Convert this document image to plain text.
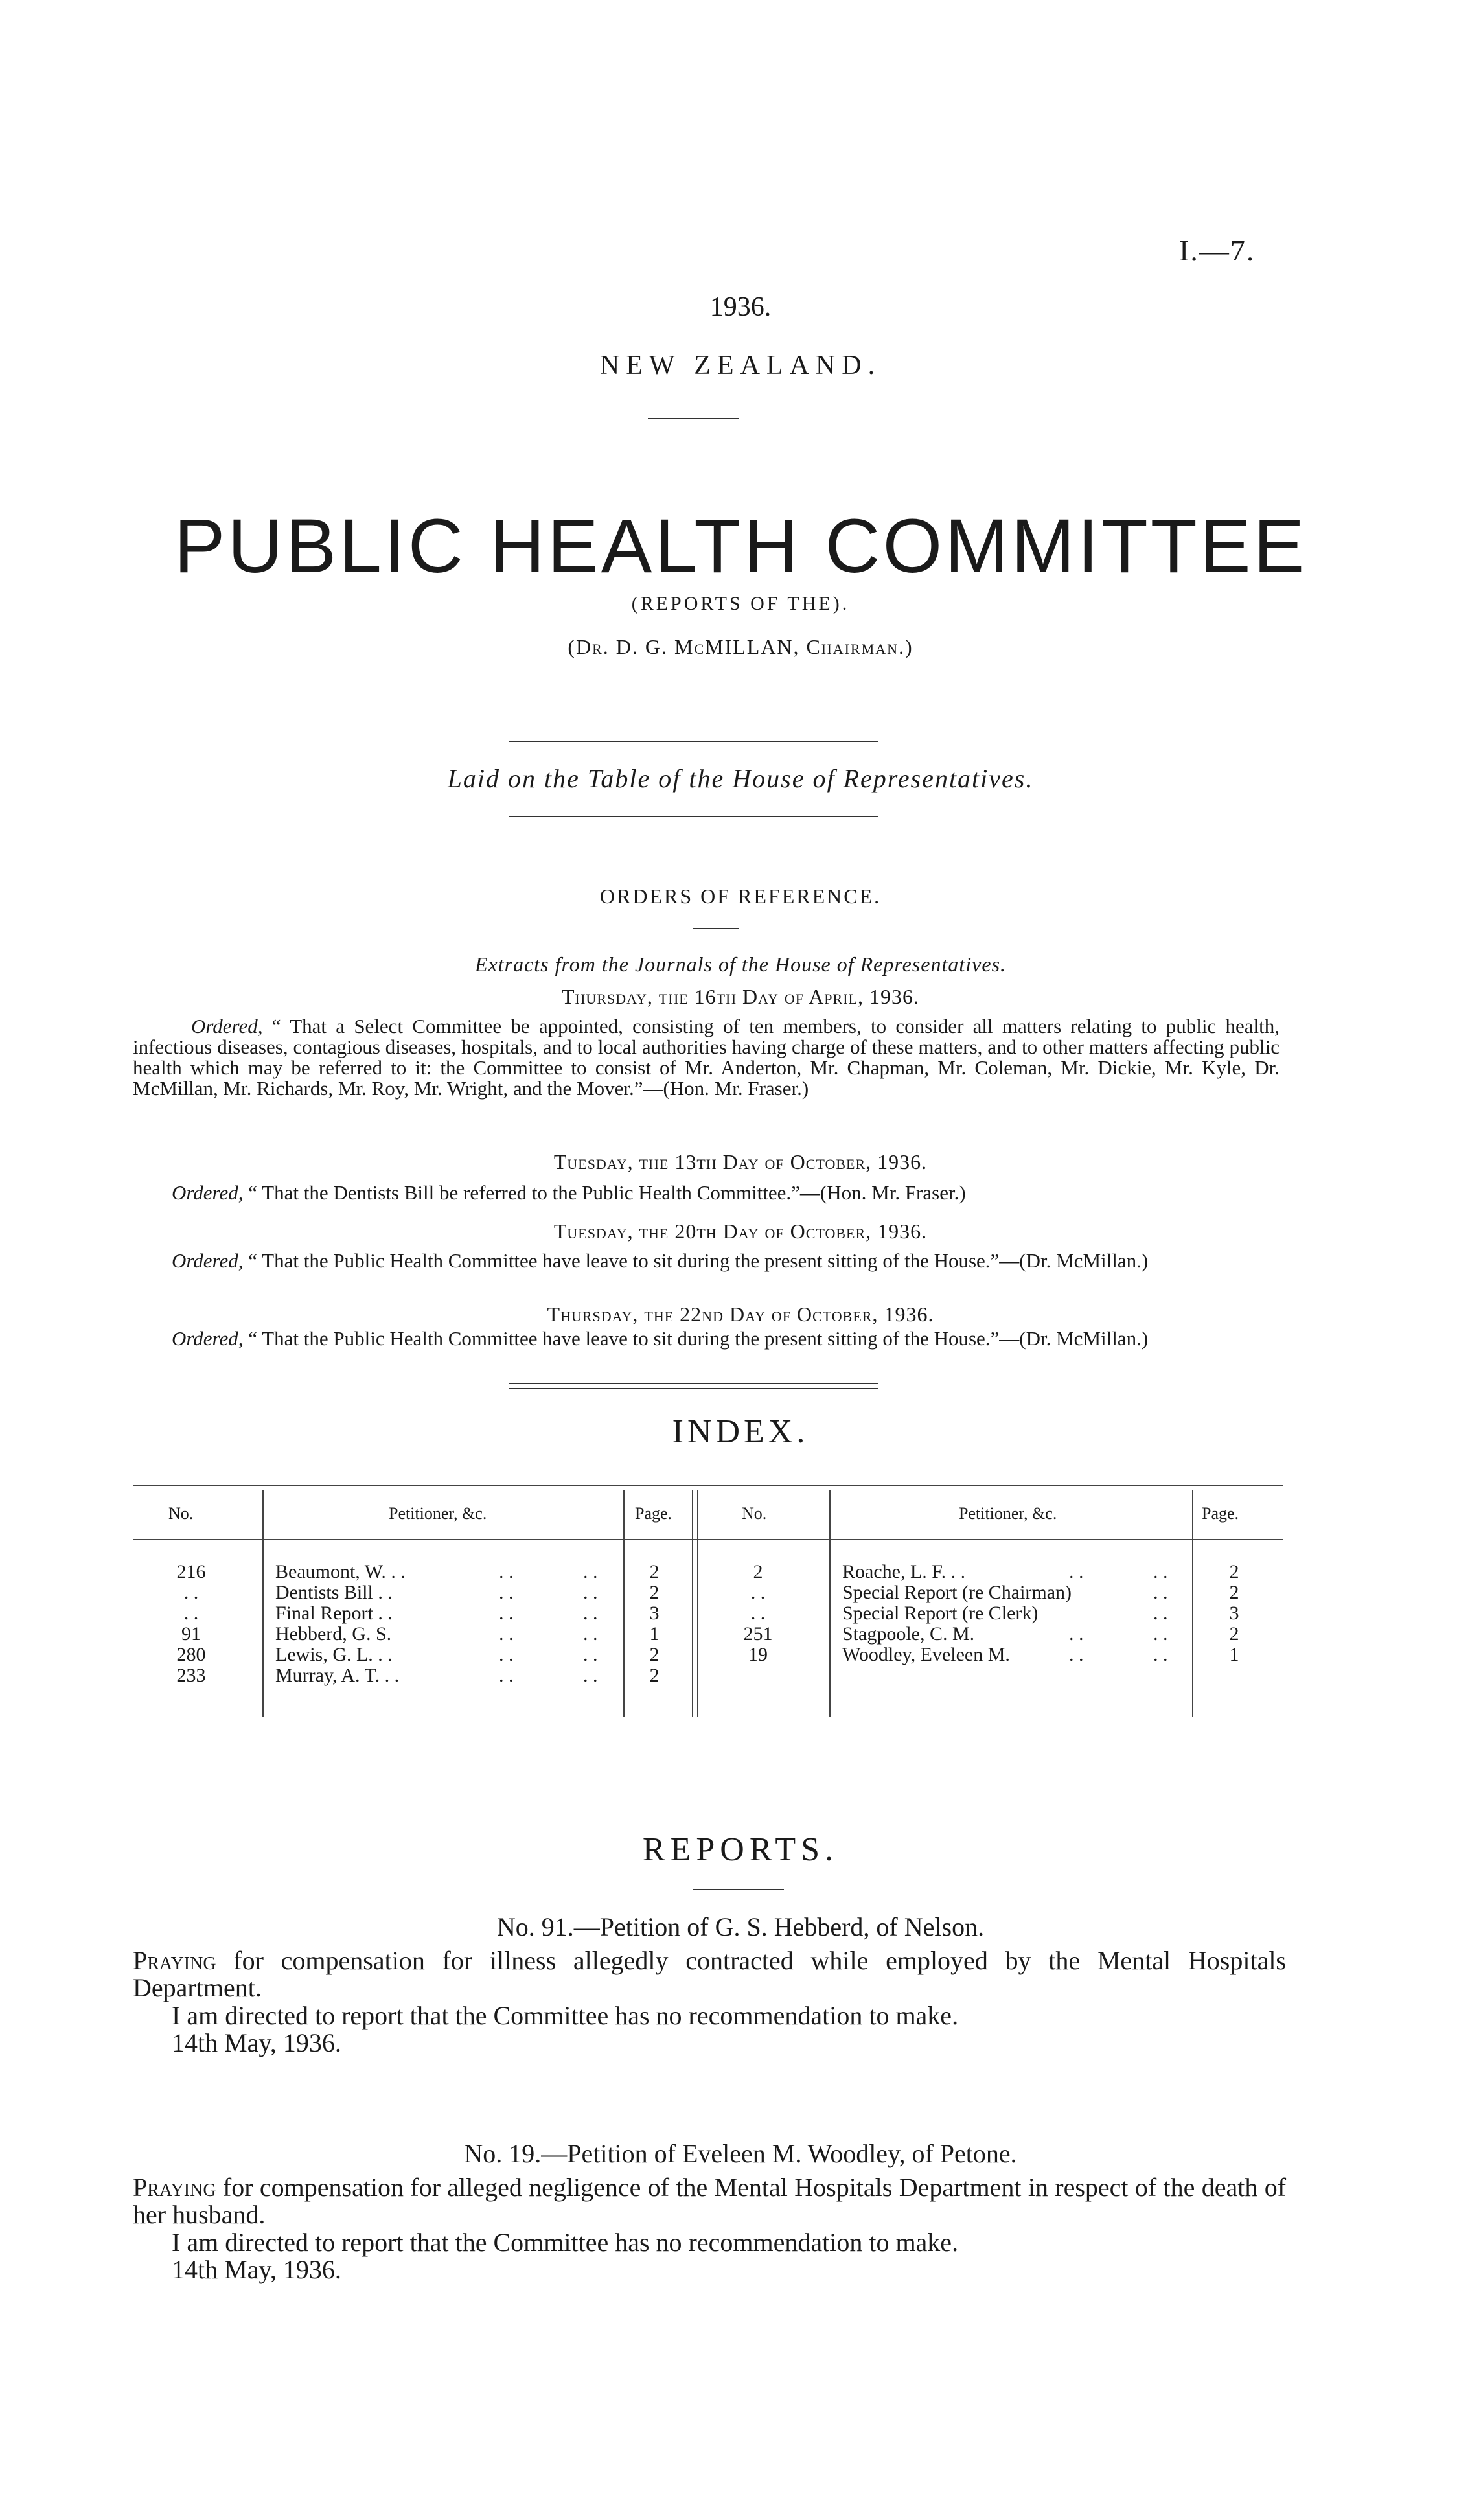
I.—7.
1936.
NEW ZEALAND.
PUBLIC HEALTH COMMITTEE
(REPORTS OF THE).
(Dr. D. G. McMILLAN, Chairman.)
Laid on the Table of the House of Representatives.
ORDERS OF REFERENCE.
Extracts from the Journals of the House of Representatives.
Thursday, the 16th Day of April, 1936.
Ordered, “ That a Select Committee be appointed, consisting of ten members, to consider all matters relating to public health, infectious diseases, contagious diseases, hospitals, and to local authorities having charge of these matters, and to other matters affecting public health which may be referred to it: the Committee to consist of Mr. Anderton, Mr. Chapman, Mr. Coleman, Mr. Dickie, Mr. Kyle, Dr. McMillan, Mr. Richards, Mr. Roy, Mr. Wright, and the Mover.”—(Hon. Mr. Fraser.)
Tuesday, the 13th Day of October, 1936.
Ordered, “ That the Dentists Bill be referred to the Public Health Committee.”—(Hon. Mr. Fraser.)
Tuesday, the 20th Day of October, 1936.
Ordered, “ That the Public Health Committee have leave to sit during the present sitting of the House.”—(Dr. McMillan.)
Thursday, the 22nd Day of October, 1936.
Ordered, “ That the Public Health Committee have leave to sit during the present sitting of the House.”—(Dr. McMillan.)
INDEX.
No.	Petitioner, &c.	Page.	No.	Petitioner, &c.	Page.
216	Beaumont, W. . .	. .	. .	2
. .	Dentists Bill . .	. .	. .	2
. .	Final Report . .	. .	. .	3
91	Hebberd, G. S.	. .	. .	1
280	Lewis, G. L. . .	. .	. .	2
233	Murray, A. T. . .	. .	. .	2
2	Roache, L. F. . .	. .	. .	2
. .	Special Report (re Chairman)	. .	2
. .	Special Report (re Clerk)	. .	3
251	Stagpoole, C. M.	. .	. .	2
19	Woodley, Eveleen M.	. .	. .	1
REPORTS.
No. 91.—Petition of G. S. Hebberd, of Nelson.
Praying for compensation for illness allegedly contracted while employed by the Mental Hospitals Department.
I am directed to report that the Committee has no recommendation to make.
14th May, 1936.
No. 19.—Petition of Eveleen M. Woodley, of Petone.
Praying for compensation for alleged negligence of the Mental Hospitals Department in respect of the death of her husband.
I am directed to report that the Committee has no recommendation to make.
14th May, 1936.
